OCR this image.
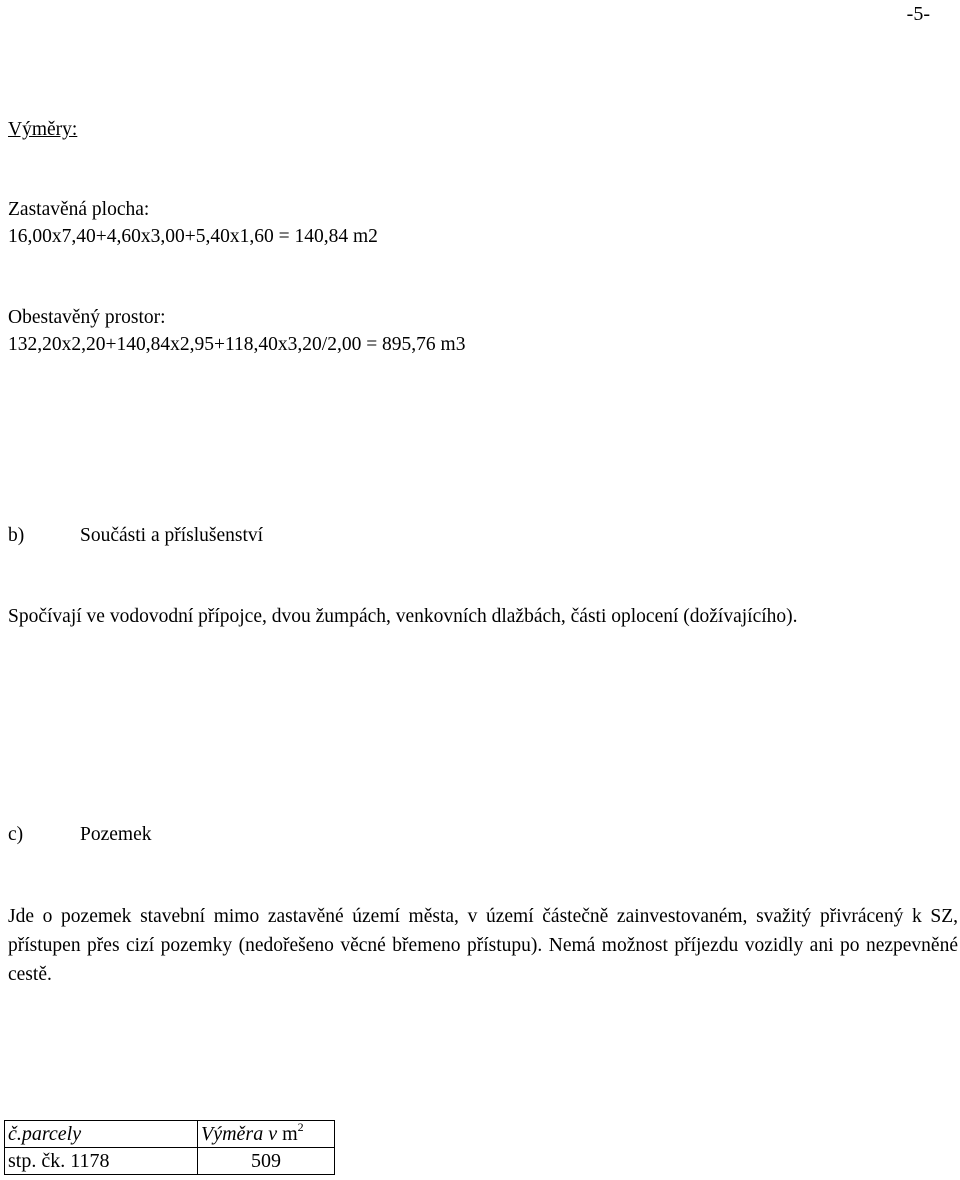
-5-
Výměry:
Zastavěná plocha:
16,00x7,40+4,60x3,00+5,40x1,60 = 140,84 m2
Obestavěný prostor:
132,20x2,20+140,84x2,95+118,40x3,20/2,00 = 895,76 m3
b)	Součásti a příslušenství
Spočívají ve vodovodní přípojce, dvou žumpách, venkovních dlažbách, části oplocení (dožívajícího).
c)	Pozemek
Jde o pozemek stavební mimo zastavěné území města, v území částečně zainvestovaném, svažitý přivrácený k SZ, přístupen přes cizí pozemky (nedořešeno věcné břemeno přístupu). Nemá možnost příjezdu vozidly ani po nezpevněné cestě.
č.parcely	Výměra v $m^2$
stp. čk. 1178	509
